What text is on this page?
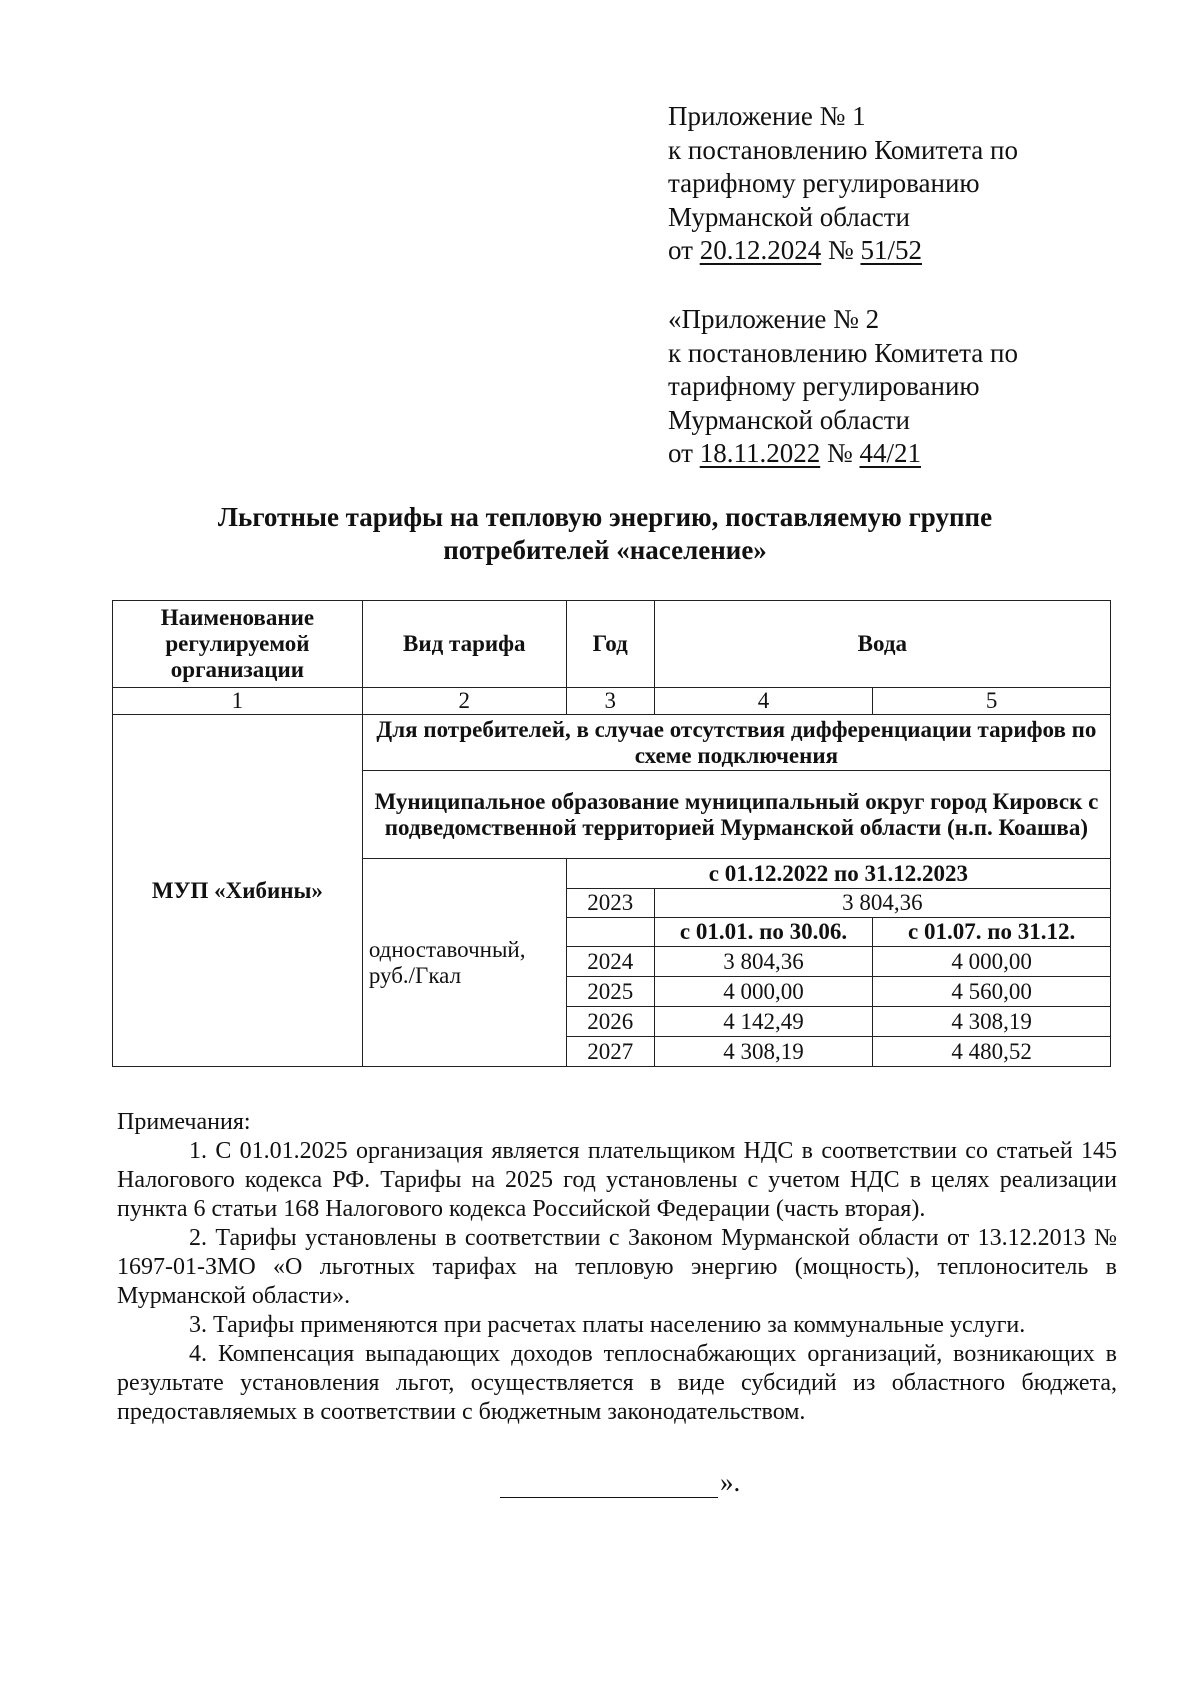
Приложение № 1
к постановлению Комитета по
тарифному регулированию
Мурманской области
от 20.12.2024 № 51/52
«Приложение № 2
к постановлению Комитета по
тарифному регулированию
Мурманской области
от 18.11.2022 № 44/21
Льготные тарифы на тепловую энергию, поставляемую группе
потребителей «население»
Наименование регулируемой организации	Вид тарифа	Год	Вода	
1	2	3	4	5
МУП «Хибины»	Для потребителей, в случае отсутствия дифференциации тарифов по схеме подключения			
	Муниципальное образование муниципальный округ город Кировск с подведомственной территорией Мурманской области (н.п. Коашва)			
	одноставочный, руб./Гкал	с 01.12.2022 по 31.12.2023		
		2023	3 804,36	
			с 01.01. по 30.06.	с 01.07. по 31.12.
		2024	3 804,36	4 000,00
		2025	4 000,00	4 560,00
		2026	4 142,49	4 308,19
		2027	4 308,19	4 480,52

Примечания:

1. С 01.01.2025 организация является плательщиком НДС в соответствии со статьей 145 Налогового кодекса РФ. Тарифы на 2025 год установлены с учетом НДС в целях реализации пункта 6 статьи 168 Налогового кодекса Российской Федерации (часть вторая).

2. Тарифы установлены в соответствии с Законом Мурманской области от 13.12.2013 № 1697-01-ЗМО «О льготных тарифах на тепловую энергию (мощность), теплоноситель в Мурманской области».

3. Тарифы применяются при расчетах платы населению за коммунальные услуги.

4. Компенсация выпадающих доходов теплоснабжающих организаций, возникающих в результате установления льгот, осуществляется в виде субсидий из областного бюджета, предоставляемых в соответствии с бюджетным законодательством.

».
